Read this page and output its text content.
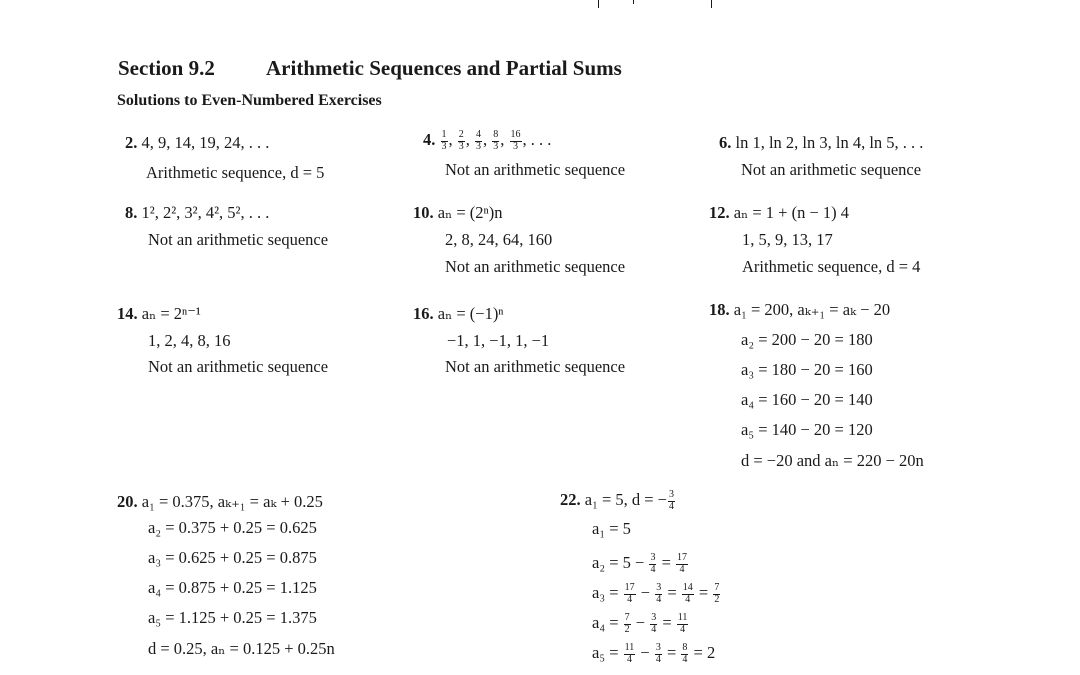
Section 9.2 Arithmetic Sequences and Partial Sums
Solutions to Even-Numbered Exercises
2. 4, 9, 14, 19, 24, . . .
Arithmetic sequence, d = 5
4. $\frac{1}{3}$ , $\frac{2}{3}$ , $\frac{4}{3}$ , $\frac{8}{3}$ , $\frac{16}{3}$ , . . .
Not an arithmetic sequence
6. ln 1, ln 2, ln 3, ln 4, ln 5, . . .
Not an arithmetic sequence
8. 1², 2², 3², 4², 5², . . .
Not an arithmetic sequence
10. aₙ = (2ⁿ)n
2, 8, 24, 64, 160
Not an arithmetic sequence
12. aₙ = 1 + (n − 1) 4
1, 5, 9, 13, 17
Arithmetic sequence, d = 4
14. aₙ = 2ⁿ⁻¹
1, 2, 4, 8, 16
Not an arithmetic sequence
16. aₙ = (−1)ⁿ
−1, 1, −1, 1, −1
Not an arithmetic sequence
18. a₁ = 200, aₖ₊₁ = aₖ − 20
a₂ = 200 − 20 = 180
a₃ = 180 − 20 = 160
a₄ = 160 − 20 = 140
a₅ = 140 − 20 = 120
d = −20 and aₙ = 220 − 20n
20. a₁ = 0.375, aₖ₊₁ = aₖ + 0.25
a₂ = 0.375 + 0.25 = 0.625
a₃ = 0.625 + 0.25 = 0.875
a₄ = 0.875 + 0.25 = 1.125
a₅ = 1.125 + 0.25 = 1.375
d = 0.25, aₙ = 0.125 + 0.25n
22. a₁ = 5, d = − $\frac{3}{4}$
a₁ = 5
$a_2 = 5 - \frac{3}{4} = \frac{17}{4}$
$a_3 = \frac{17}{4} - \frac{3}{4} = \frac{14}{4} = \frac{7}{2}$
$a_4 = \frac{7}{2} - \frac{3}{4} = \frac{11}{4}$
$a_5 = \frac{11}{4} - \frac{3}{4} = \frac{8}{4} = 2$
